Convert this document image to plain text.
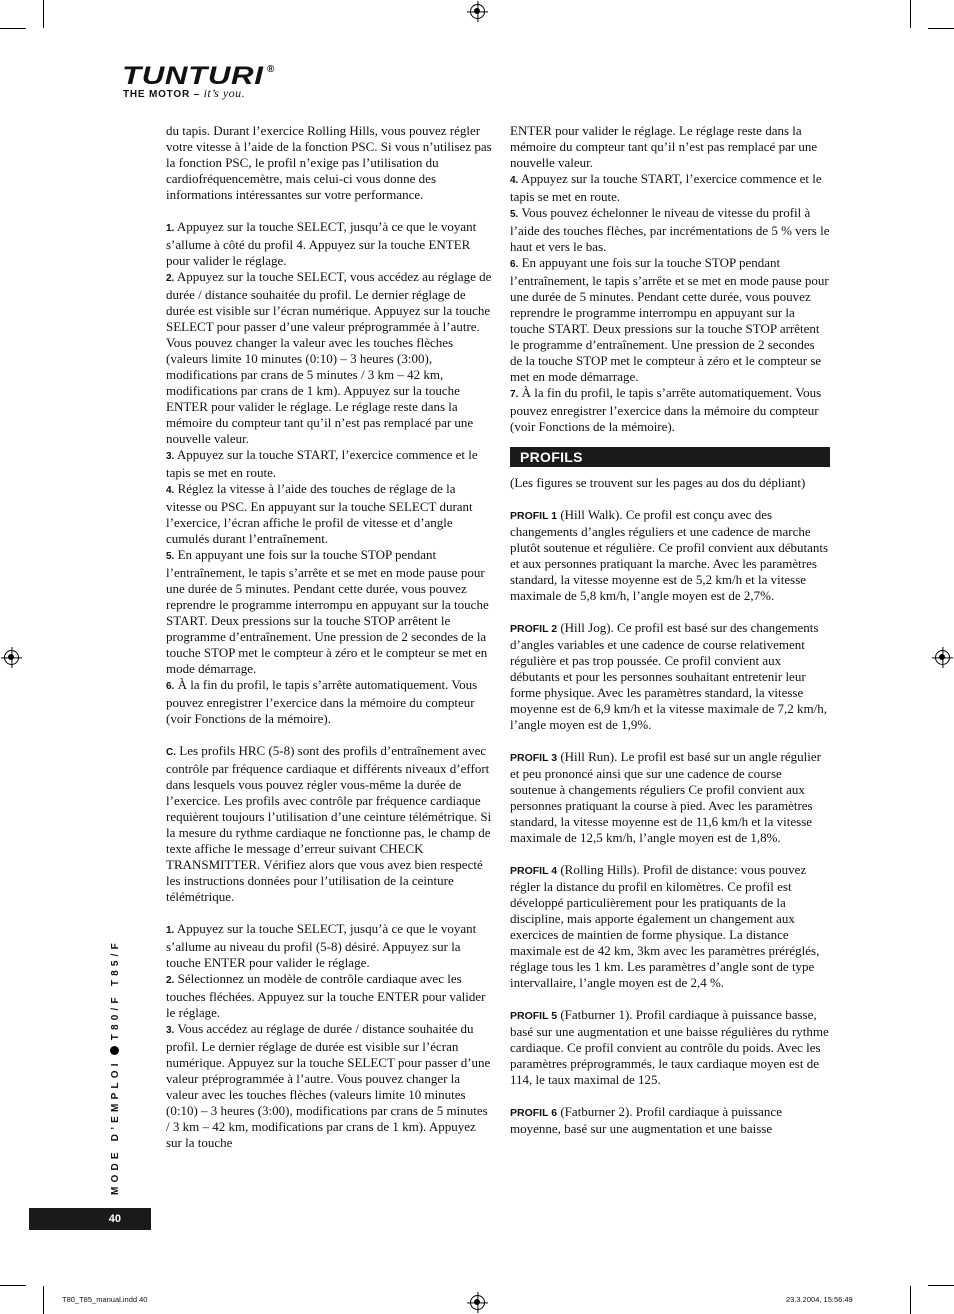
TUNTURI ®
THE MOTOR – it’s you.

du tapis. Durant l’exercice Rolling Hills, vous pouvez régler votre vitesse à l’aide de la fonction PSC. Si vous n’utilisez pas la fonction PSC, le profil n’exige pas l’utilisation du cardiofréquencemètre, mais celui-ci vous donne des informations intéressantes sur votre performance.

1. Appuyez sur la touche SELECT, jusqu’à ce que le voyant s’allume à côté du profil 4. Appuyez sur la touche ENTER pour valider le réglage.

2. Appuyez sur la touche SELECT, vous accédez au réglage de durée / distance souhaitée du profil. Le dernier réglage de durée est visible sur l’écran numérique. Appuyez sur la touche SELECT pour passer d’une valeur préprogrammée à l’autre. Vous pouvez changer la valeur avec les touches flèches (valeurs limite 10 minutes (0:10) – 3 heures (3:00), modifications par crans de 5 minutes / 3 km – 42 km, modifications par crans de 1 km). Appuyez sur la touche ENTER pour valider le réglage. Le réglage reste dans la mémoire du compteur tant qu’il n’est pas remplacé par une nouvelle valeur.

3. Appuyez sur la touche START, l’exercice commence et le tapis se met en route.

4. Réglez la vitesse à l’aide des touches de réglage de la vitesse ou PSC. En appuyant sur la touche SELECT durant l’exercice, l’écran affiche le profil de vitesse et d’angle cumulés durant l’entraînement.

5. En appuyant une fois sur la touche STOP pendant l’entraînement, le tapis s’arrête et se met en mode pause pour une durée de 5 minutes. Pendant cette durée, vous pouvez reprendre le programme interrompu en appuyant sur la touche START. Deux pressions sur la touche STOP arrêtent le programme d’entraînement. Une pression de 2 secondes de la touche STOP met le compteur à zéro et le compteur se met en mode démarrage.

6. À la fin du profil, le tapis s’arrête automatiquement. Vous pouvez enregistrer l’exercice dans la mémoire du compteur (voir Fonctions de la mémoire).

C. Les profils HRC (5-8) sont des profils d’entraînement avec contrôle par fréquence cardiaque et différents niveaux d’effort dans lesquels vous pouvez régler vous-même la durée de l’exercice. Les profils avec contrôle par fréquence cardiaque requièrent toujours l’utilisation d’une ceinture télémétrique. Si la mesure du rythme cardiaque ne fonctionne pas, le champ de texte affiche le message d’erreur suivant CHECK TRANSMITTER. Vérifiez alors que vous avez bien respecté les instructions données pour l’utilisation de la ceinture télémétrique.

1. Appuyez sur la touche SELECT, jusqu’à ce que le voyant s’allume au niveau du profil (5-8) désiré. Appuyez sur la touche ENTER pour valider le réglage.

2. Sélectionnez un modèle de contrôle cardiaque avec les touches fléchées. Appuyez sur la touche ENTER pour valider le réglage.

3. Vous accédez au réglage de durée / distance souhaitée du profil. Le dernier réglage de durée est visible sur l’écran numérique. Appuyez sur la touche SELECT pour passer d’une valeur préprogrammée à l’autre. Vous pouvez changer la valeur avec les touches flèches (valeurs limite 10 minutes (0:10) – 3 heures (3:00), modifications par crans de 5 minutes / 3 km – 42 km, modifications par crans de 1 km). Appuyez sur la touche

ENTER pour valider le réglage. Le réglage reste dans la mémoire du compteur tant qu’il n’est pas remplacé par une nouvelle valeur.

4. Appuyez sur la touche START, l’exercice commence et le tapis se met en route.

5. Vous pouvez échelonner le niveau de vitesse du profil à l’aide des touches flèches, par incrémentations de 5 % vers le haut et vers le bas.

6. En appuyant une fois sur la touche STOP pendant l’entraînement, le tapis s’arrête et se met en mode pause pour une durée de 5 minutes. Pendant cette durée, vous pouvez reprendre le programme interrompu en appuyant sur la touche START. Deux pressions sur la touche STOP arrêtent le programme d’entraînement. Une pression de 2 secondes de la touche STOP met le compteur à zéro et le compteur se met en mode démarrage.

7. À la fin du profil, le tapis s’arrête automatiquement. Vous pouvez enregistrer l’exercice dans la mémoire du compteur (voir Fonctions de la mémoire).

PROFILS

(Les figures se trouvent sur les pages au dos du dépliant)

PROFIL 1 (Hill Walk). Ce profil est conçu avec des changements d’angles réguliers et une cadence de marche plutôt soutenue et régulière. Ce profil convient aux débutants et aux personnes pratiquant la marche. Avec les paramètres standard, la vitesse moyenne est de 5,2 km/h et la vitesse maximale de 5,8 km/h, l’angle moyen est de 2,7%.

PROFIL 2 (Hill Jog). Ce profil est basé sur des changements d’angles variables et une cadence de course relativement régulière et pas trop poussée. Ce profil convient aux débutants et pour les personnes souhaitant entretenir leur forme physique. Avec les paramètres standard, la vitesse moyenne est de 6,9 km/h et la vitesse maximale de 7,2 km/h, l’angle moyen est de 1,9%.

PROFIL 3 (Hill Run). Le profil est basé sur un angle régulier et peu prononcé ainsi que sur une cadence de course soutenue à changements réguliers Ce profil convient aux personnes pratiquant la course à pied. Avec les paramètres standard, la vitesse moyenne est de 11,6 km/h et la vitesse maximale de 12,5 km/h, l’angle moyen est de 1,8%.

PROFIL 4 (Rolling Hills). Profil de distance: vous pouvez régler la distance du profil en kilomètres. Ce profil est développé particulièrement pour les pratiquants de la discipline, mais apporte également un changement aux exercices de maintien de forme physique. La distance maximale est de 42 km, 3km avec les paramètres préréglés, réglage tous les 1 km. Les paramètres d’angle sont de type intervallaire, l’angle moyen est de 2,4 %.

PROFIL 5 (Fatburner 1). Profil cardiaque à puissance basse, basé sur une augmentation et une baisse régulières du rythme cardiaque. Ce profil convient au contrôle du poids. Avec les paramètres préprogrammés, le taux cardiaque moyen est de 114, le taux maximal de 125.

PROFIL 6 (Fatburner 2). Profil cardiaque à puissance moyenne, basé sur une augmentation et une baisse

MODE D’EMPLOIT80/F T85/F
40
T80_T85_manual.indd 40	23.3.2004, 15:56:49
